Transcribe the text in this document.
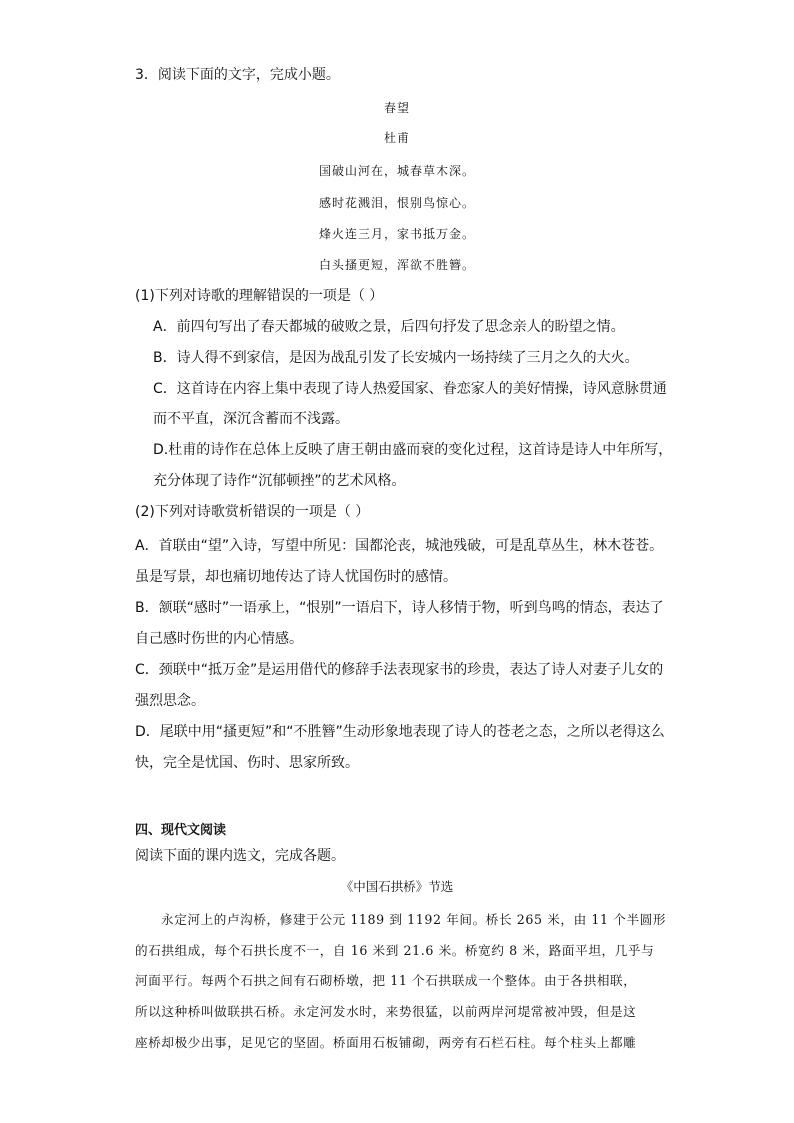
3．阅读下面的文字，完成小题。
春望
杜甫
国破山河在，城春草木深。
感时花溅泪，恨别鸟惊心。
烽火连三月，家书抵万金。
白头搔更短，浑欲不胜簪。
(1)下列对诗歌的理解错误的一项是（ ）
A．前四句写出了春天都城的破败之景，后四句抒发了思念亲人的盼望之情。
B．诗人得不到家信，是因为战乱引发了长安城内一场持续了三月之久的大火。
C．这首诗在内容上集中表现了诗人热爱国家、眷恋家人的美好情操，诗风意脉贯通
而不平直，深沉含蓄而不浅露。
D.杜甫的诗作在总体上反映了唐王朝由盛而衰的变化过程，这首诗是诗人中年所写，
充分体现了诗作“沉郁顿挫”的艺术风格。
(2)下列对诗歌赏析错误的一项是（ ）
A．首联由“望”入诗，写望中所见：国都沦丧，城池残破，可是乱草丛生，林木苍苍。
虽是写景，却也痛切地传达了诗人忧国伤时的感情。
B．颔联“感时”一语承上，“恨别”一语启下，诗人移情于物，听到鸟鸣的情态，表达了
自己感时伤世的内心情感。
C．颈联中“抵万金”是运用借代的修辞手法表现家书的珍贵，表达了诗人对妻子儿女的
强烈思念。
D．尾联中用“搔更短”和“不胜簪”生动形象地表现了诗人的苍老之态，之所以老得这么
快，完全是忧国、伤时、思家所致。
四、现代文阅读
阅读下面的课内选文，完成各题。
《中国石拱桥》节选
永定河上的卢沟桥，修建于公元 1189 到 1192 年间。桥长 265 米，由 11 个半圆形
的石拱组成，每个石拱长度不一，自 16 米到 21.6 米。桥宽约 8 米，路面平坦，几乎与
河面平行。每两个石拱之间有石砌桥墩，把 11 个石拱联成一个整体。由于各拱相联，
所以这种桥叫做联拱石桥。永定河发水时，来势很猛，以前两岸河堤常被冲毁，但是这
座桥却极少出事，足见它的坚固。桥面用石板铺砌，两旁有石栏石柱。每个柱头上都雕
